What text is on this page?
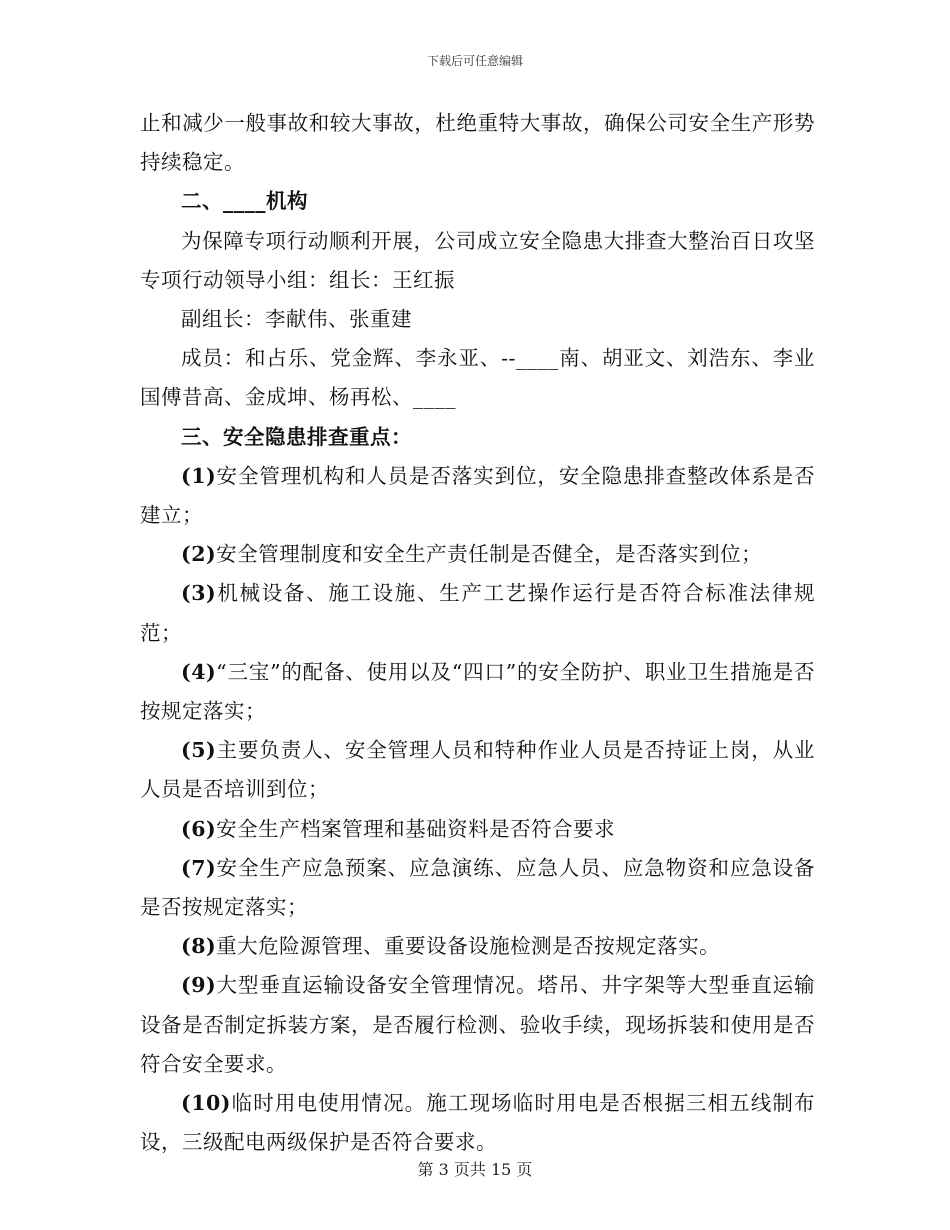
下载后可任意编辑

止和减少一般事故和较大事故，杜绝重特大事故，确保公司安全生产形势持续稳定。

二、____机构

为保障专项行动顺利开展，公司成立安全隐患大排查大整治百日攻坚专项行动领导小组：组长：王红振

副组长：李献伟、张重建

成员：和占乐、党金辉、李永亚、--____南、胡亚文、刘浩东、李业国傅昔高、金成坤、杨再松、____

三、安全隐患排查重点：

(1)安全管理机构和人员是否落实到位，安全隐患排查整改体系是否建立；

(2)安全管理制度和安全生产责任制是否健全，是否落实到位；

(3)机械设备、施工设施、生产工艺操作运行是否符合标准法律规范；

(4)“三宝”的配备、使用以及“四口”的安全防护、职业卫生措施是否按规定落实；

(5)主要负责人、安全管理人员和特种作业人员是否持证上岗，从业人员是否培训到位；

(6)安全生产档案管理和基础资料是否符合要求

(7)安全生产应急预案、应急演练、应急人员、应急物资和应急设备是否按规定落实；

(8)重大危险源管理、重要设备设施检测是否按规定落实。

(9)大型垂直运输设备安全管理情况。塔吊、井字架等大型垂直运输设备是否制定拆装方案，是否履行检测、验收手续，现场拆装和使用是否符合安全要求。

(10)临时用电使用情况。施工现场临时用电是否根据三相五线制布设，三级配电两级保护是否符合要求。

第 3 页共 15 页
